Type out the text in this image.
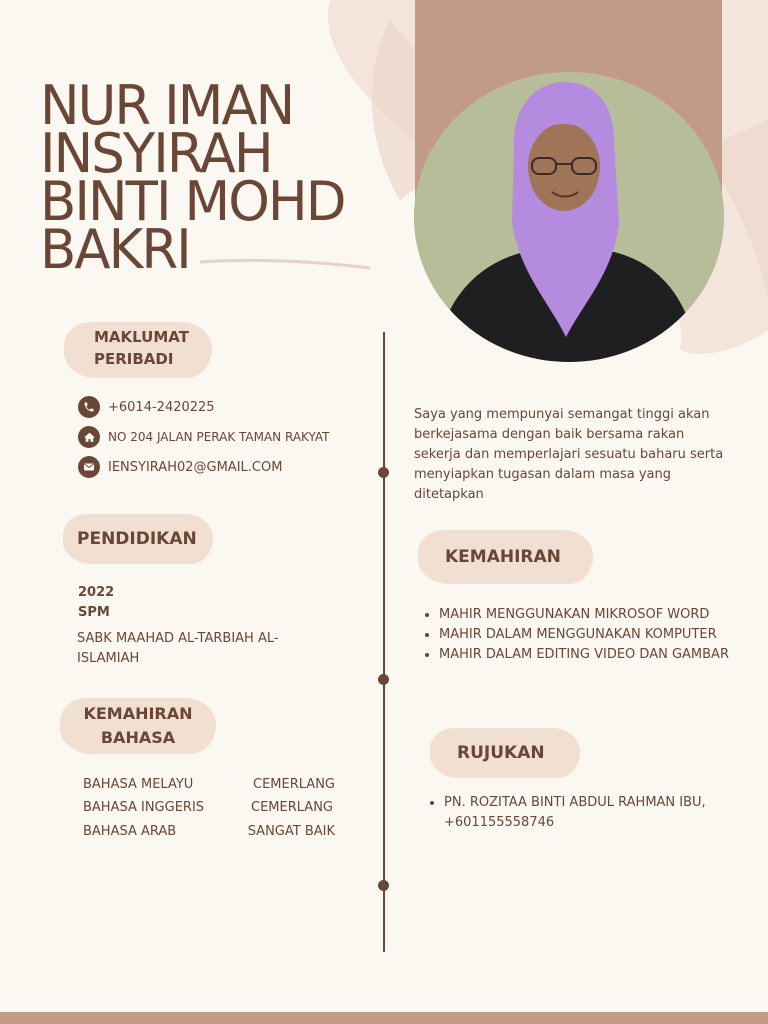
NUR IMAN
INSYIRAH
BINTI MOHD
BAKRI
MAKLUMAT
PERIBADI
+6014-2420225
NO 204 JALAN PERAK TAMAN RAKYAT
IENSYIRAH02@GMAIL.COM
PENDIDIKAN
2022
SPM
SABK MAAHAD AL-TARBIAH AL-ISLAMIAH
KEMAHIRAN
BAHASA
BAHASA MELAYU	CEMERLANG
BAHASA INGGERIS	CEMERLANG
BAHASA ARAB	SANGAT BAIK
Saya yang mempunyai semangat tinggi akan berkejasama dengan baik bersama rakan sekerja dan memperlajari sesuatu baharu serta menyiapkan tugasan dalam masa yang ditetapkan
KEMAHIRAN
• MAHIR MENGGUNAKAN MIKROSOF WORD
• MAHIR DALAM MENGGUNAKAN KOMPUTER
• MAHIR DALAM EDITING VIDEO DAN GAMBAR
RUJUKAN
• PN. ROZITAA BINTI ABDUL RAHMAN IBU, +601155558746
